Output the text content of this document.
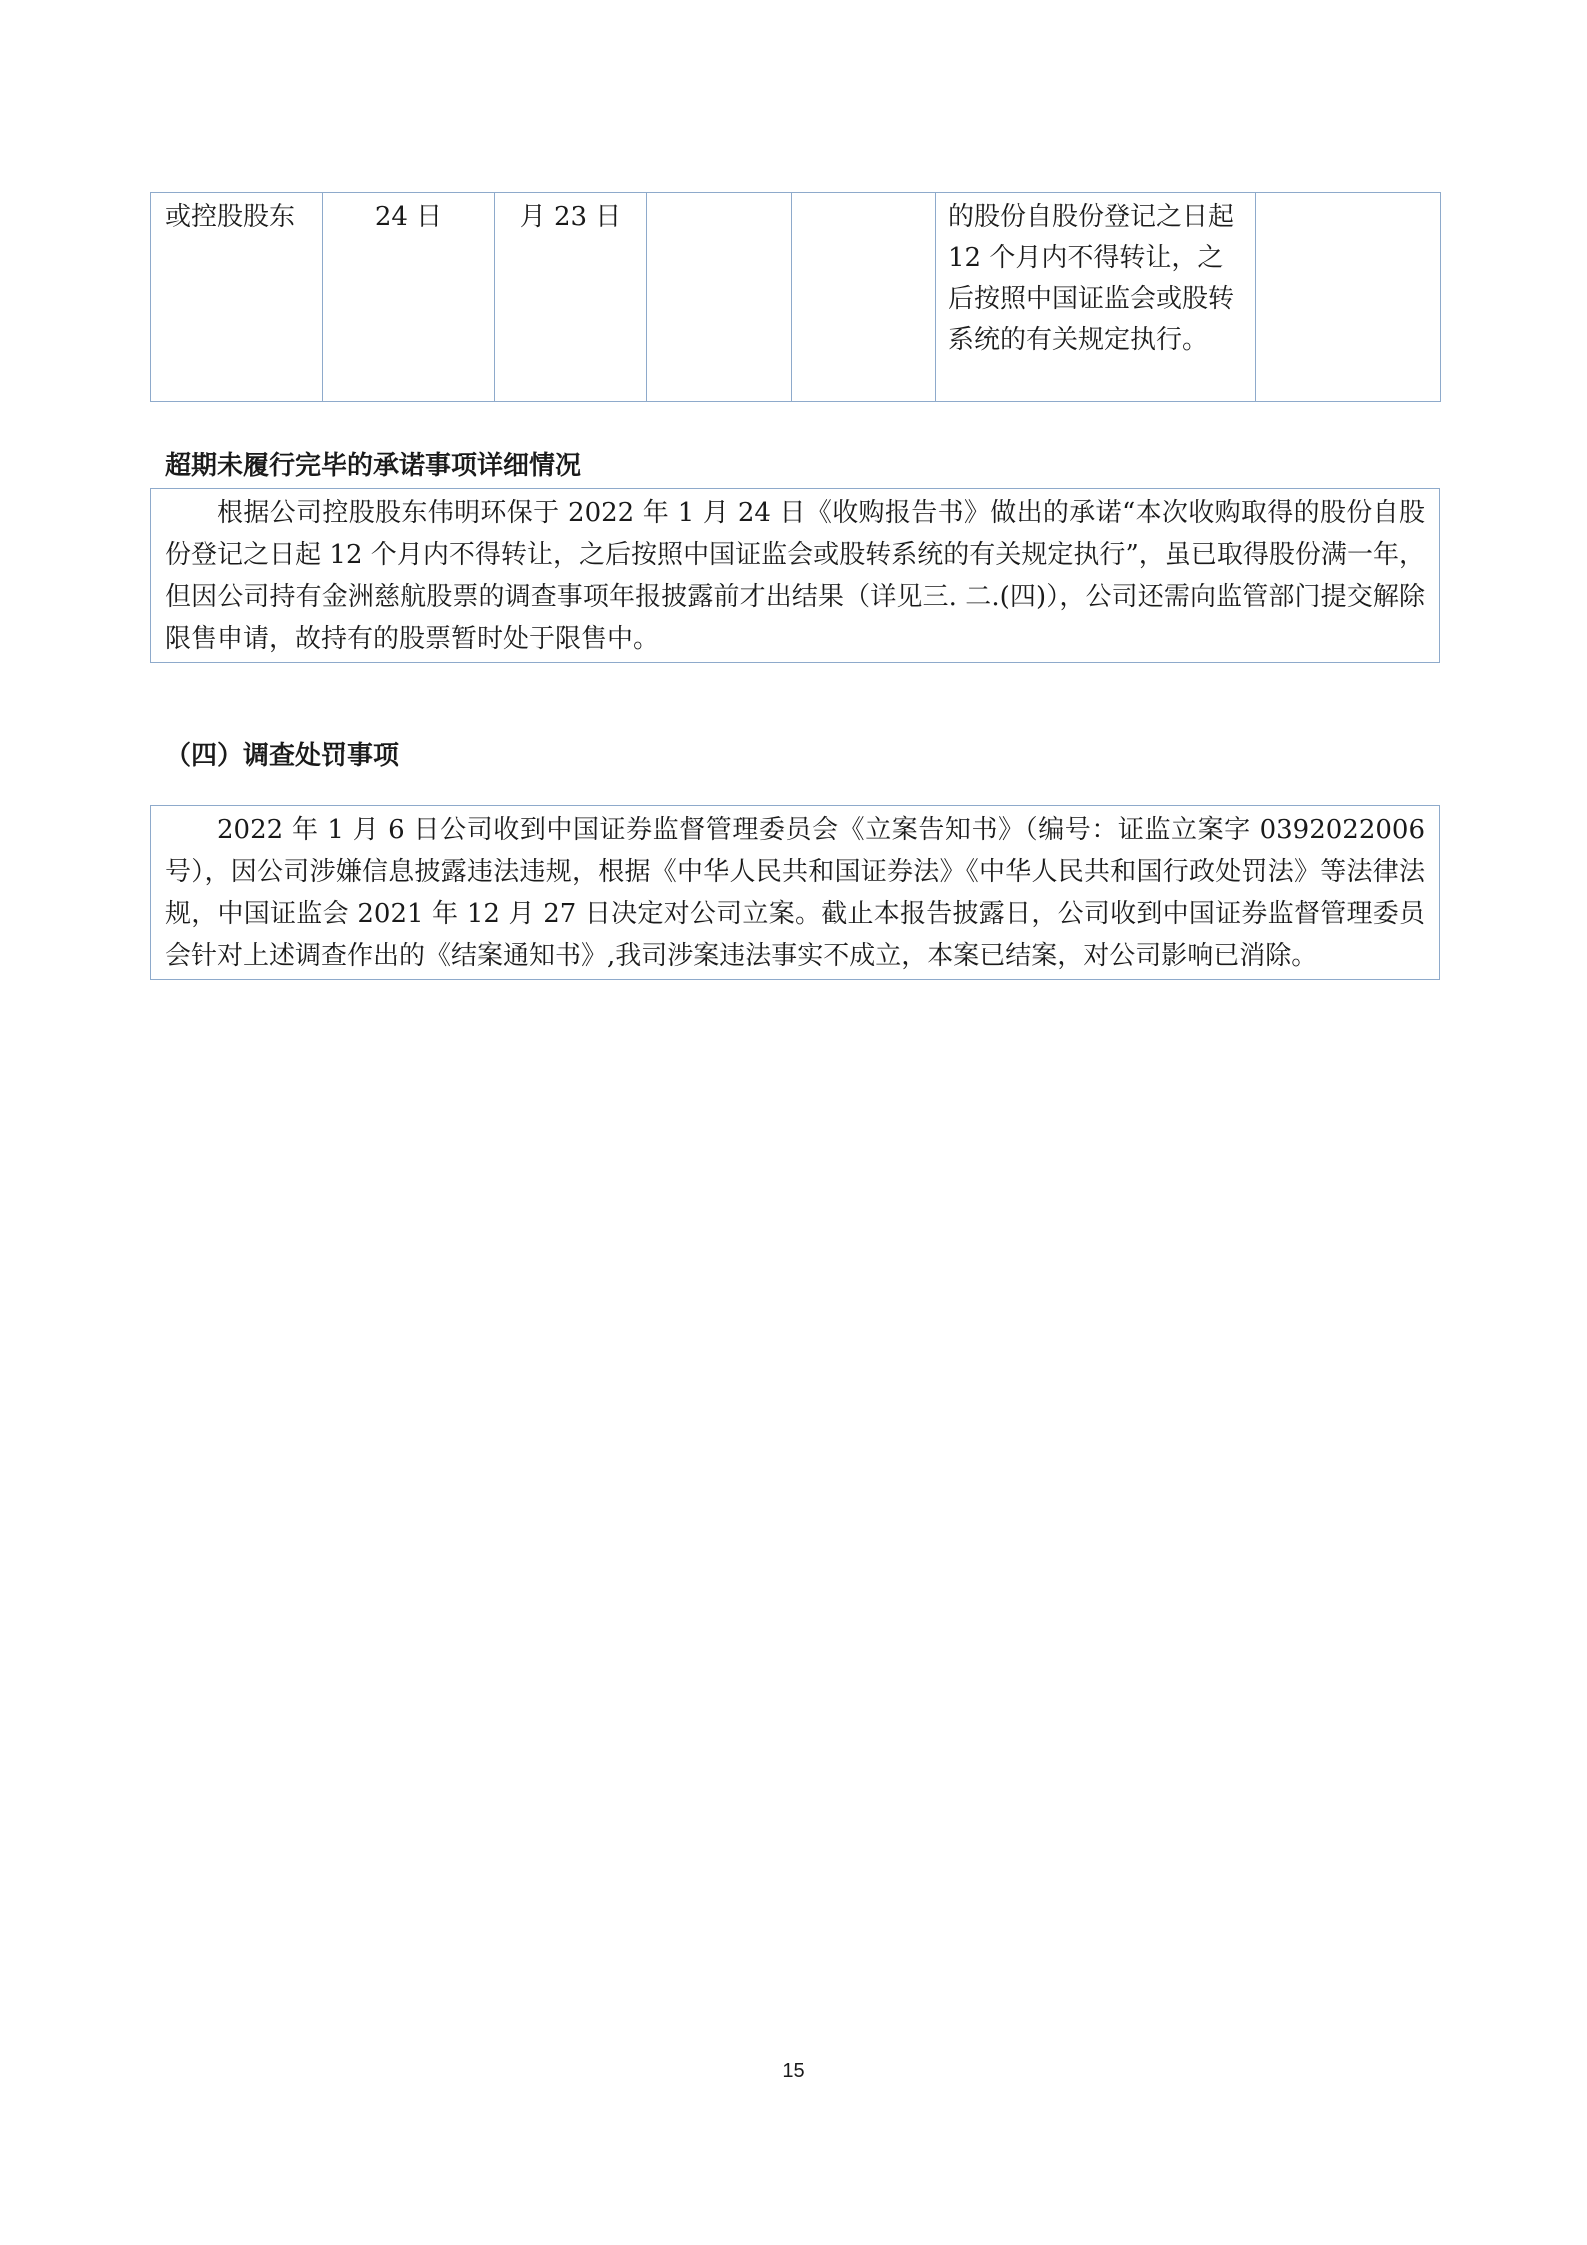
或控股股东	24 日	月 23 日			的股份自股份登记之日起 12 个月内不得转让，之后按照中国证监会或股转系统的有关规定执行。	
超期未履行完毕的承诺事项详细情况

根据公司控股股东伟明环保于 2022 年 1 月 24 日《收购报告书》做出的承诺“本次收购取得的股份自股份登记之日起 12 个月内不得转让，之后按照中国证监会或股转系统的有关规定执行”，虽已取得股份满一年，但因公司持有金洲慈航股票的调查事项年报披露前才出结果（详见三. 二.(四)），公司还需向监管部门提交解除限售申请，故持有的股票暂时处于限售中。

（四）调查处罚事项

2022 年 1 月 6 日公司收到中国证券监督管理委员会《立案告知书》（编号：证监立案字 0392022006 号），因公司涉嫌信息披露违法违规，根据《中华人民共和国证券法》《中华人民共和国行政处罚法》等法律法规，中国证监会 2021 年 12 月 27 日决定对公司立案。截止本报告披露日，公司收到中国证券监督管理委员会针对上述调查作出的《结案通知书》,我司涉案违法事实不成立，本案已结案，对公司影响已消除。

15
